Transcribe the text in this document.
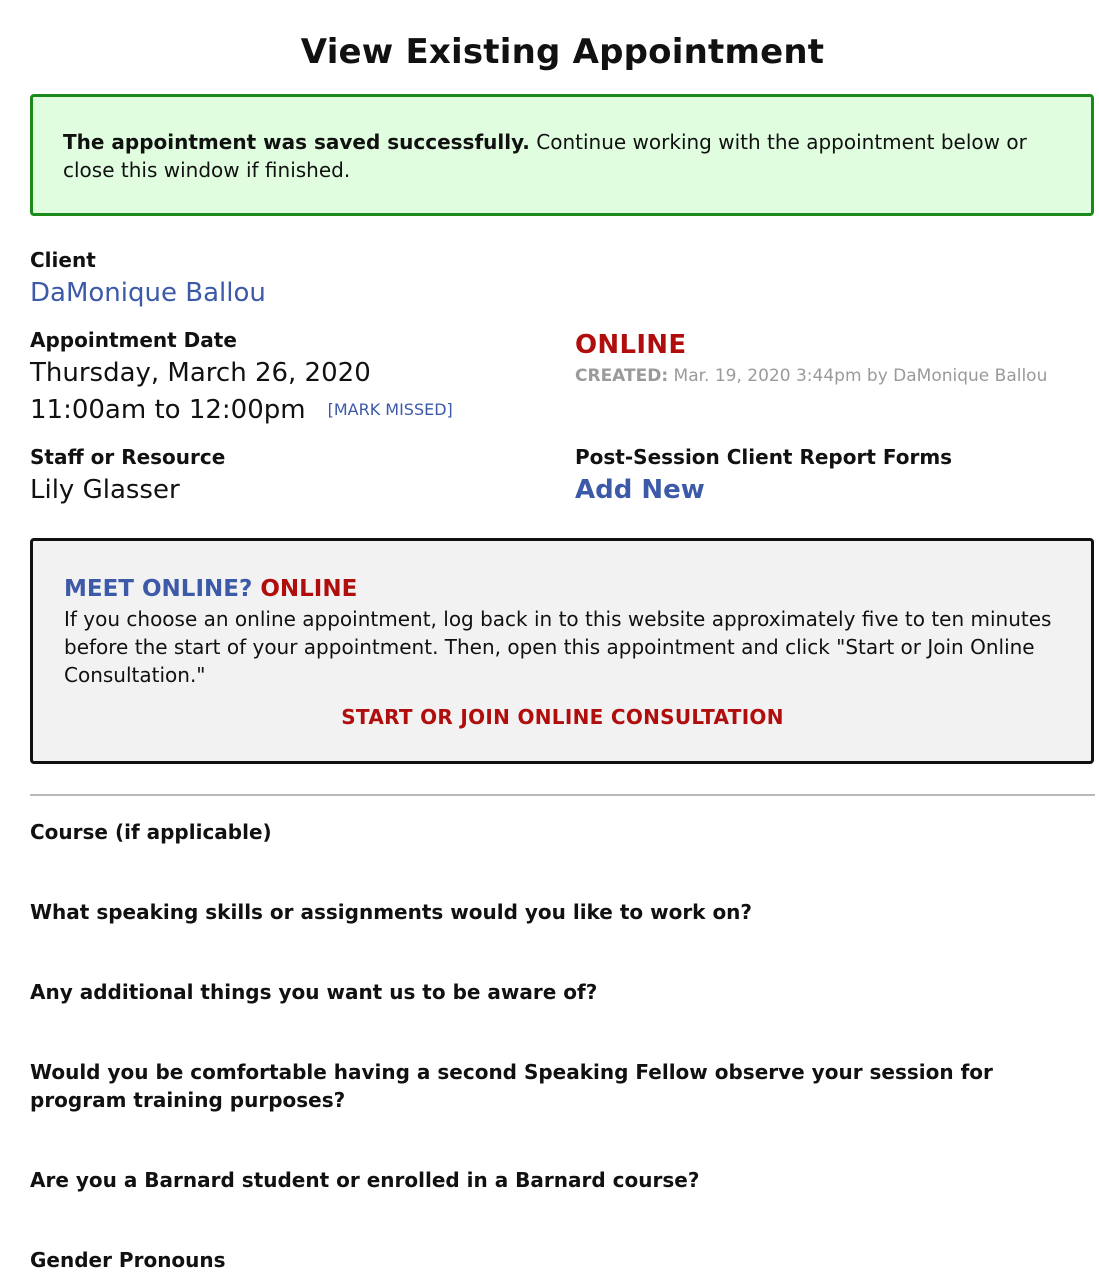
View Existing Appointment
The appointment was saved successfully. Continue working with the appointment below or close this window if finished.
Client
DaMonique Ballou
Appointment Date
Thursday, March 26, 2020
11:00am to 12:00pm [MARK MISSED]
ONLINE
CREATED: Mar. 19, 2020 3:44pm by DaMonique Ballou
Staff or Resource
Lily Glasser
Post-Session Client Report Forms
Add New
MEET ONLINE? ONLINE
If you choose an online appointment, log back in to this website approximately five to ten minutes before the start of your appointment. Then, open this appointment and click "Start or Join Online Consultation."
START OR JOIN ONLINE CONSULTATION
Course (if applicable)
What speaking skills or assignments would you like to work on?
Any additional things you want us to be aware of?
Would you be comfortable having a second Speaking Fellow observe your session for program training purposes?
Are you a Barnard student or enrolled in a Barnard course?
Gender Pronouns
